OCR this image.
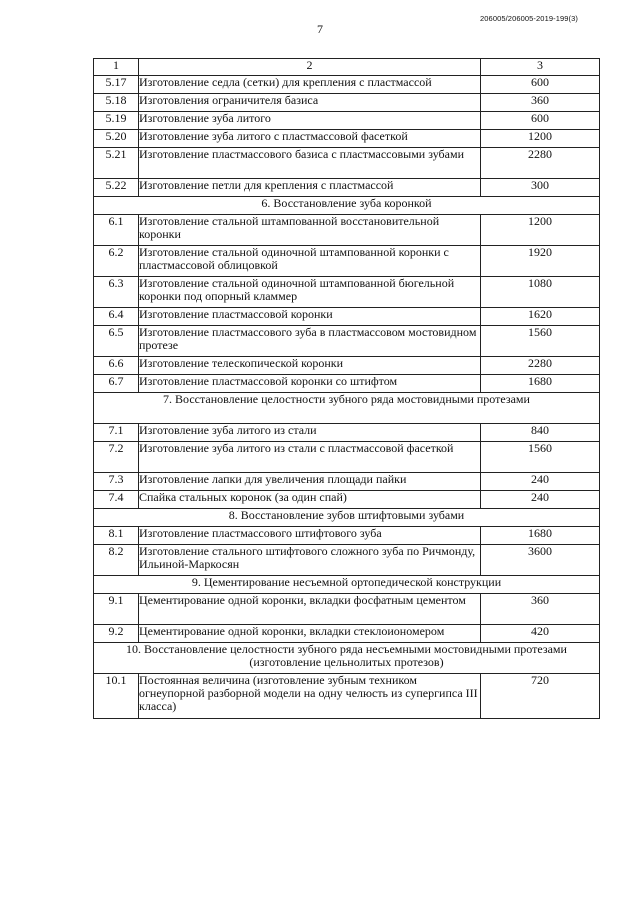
206005/206005-2019-199(3)
7
1	2	3
5.17	Изготовление седла (сетки) для крепления с пластмассой	600
5.18	Изготовления ограничителя базиса	360
5.19	Изготовление зуба литого	600
5.20	Изготовление зуба литого с пластмассовой фасеткой	1200
5.21	Изготовление пластмассового базиса с пластмассовыми зубами	2280
5.22	Изготовление петли для крепления с пластмассой	300
6. Восстановление зуба коронкой		
6.1	Изготовление стальной штампованной восстановительной коронки	1200
6.2	Изготовление стальной одиночной штампованной коронки с пластмассовой облицовкой	1920
6.3	Изготовление стальной одиночной штампованной бюгельной коронки под опорный кламмер	1080
6.4	Изготовление пластмассовой коронки	1620
6.5	Изготовление пластмассового зуба в пластмассовом мостовидном протезе	1560
6.6	Изготовление телескопической коронки	2280
6.7	Изготовление пластмассовой коронки со штифтом	1680
7. Восстановление целостности зубного ряда мостовидными протезами		
7.1	Изготовление зуба литого из стали	840
7.2	Изготовление зуба литого из стали с пластмассовой фасеткой	1560
7.3	Изготовление лапки для увеличения площади пайки	240
7.4	Спайка стальных коронок (за один спай)	240
8. Восстановление зубов штифтовыми зубами		
8.1	Изготовление пластмассового штифтового зуба	1680
8.2	Изготовление стального штифтового сложного зуба по Ричмонду, Ильиной-Маркосян	3600
9. Цементирование несъемной ортопедической конструкции		
9.1	Цементирование одной коронки, вкладки фосфатным цементом	360
9.2	Цементирование одной коронки, вкладки стеклоиономером	420
10. Восстановление целостности зубного ряда несъемными мостовидными протезами (изготовление цельнолитых протезов)		
10.1	Постоянная величина (изготовление зубным техником огнеупорной разборной модели на одну челюсть из супергипса III класса)	720
